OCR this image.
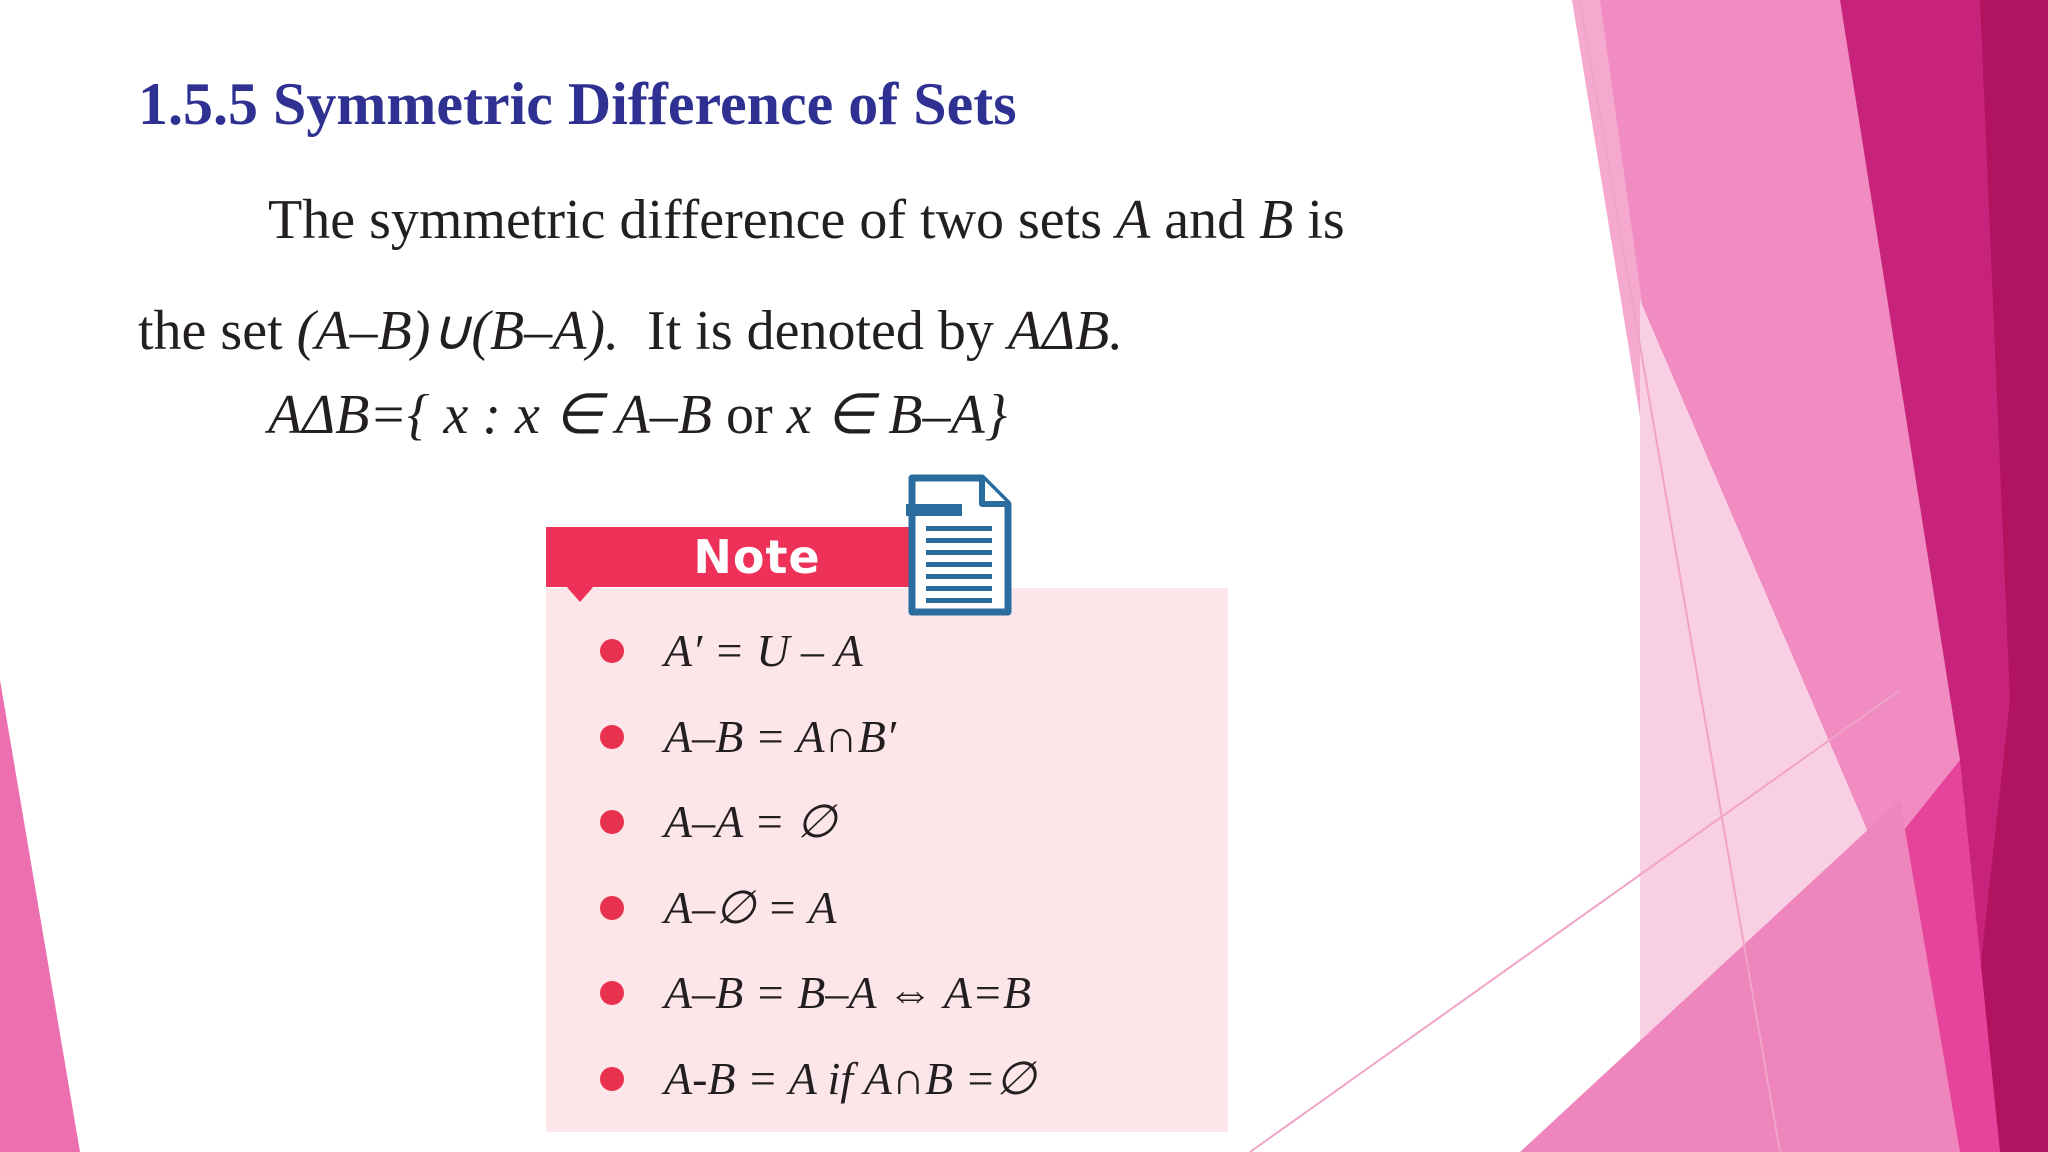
1.5.5 Symmetric Difference of Sets

The symmetric difference of two sets A and B is

the set (A–B)∪(B–A). It is denoted by AΔB.

AΔB={ x : x ∈ A–B or x ∈ B–A}

Note
A′ = U – A
A–B = A∩B′
A–A = ∅
A–∅ = A
A–B = B–A ⇔ A=B
A-B = A if A∩B =∅
